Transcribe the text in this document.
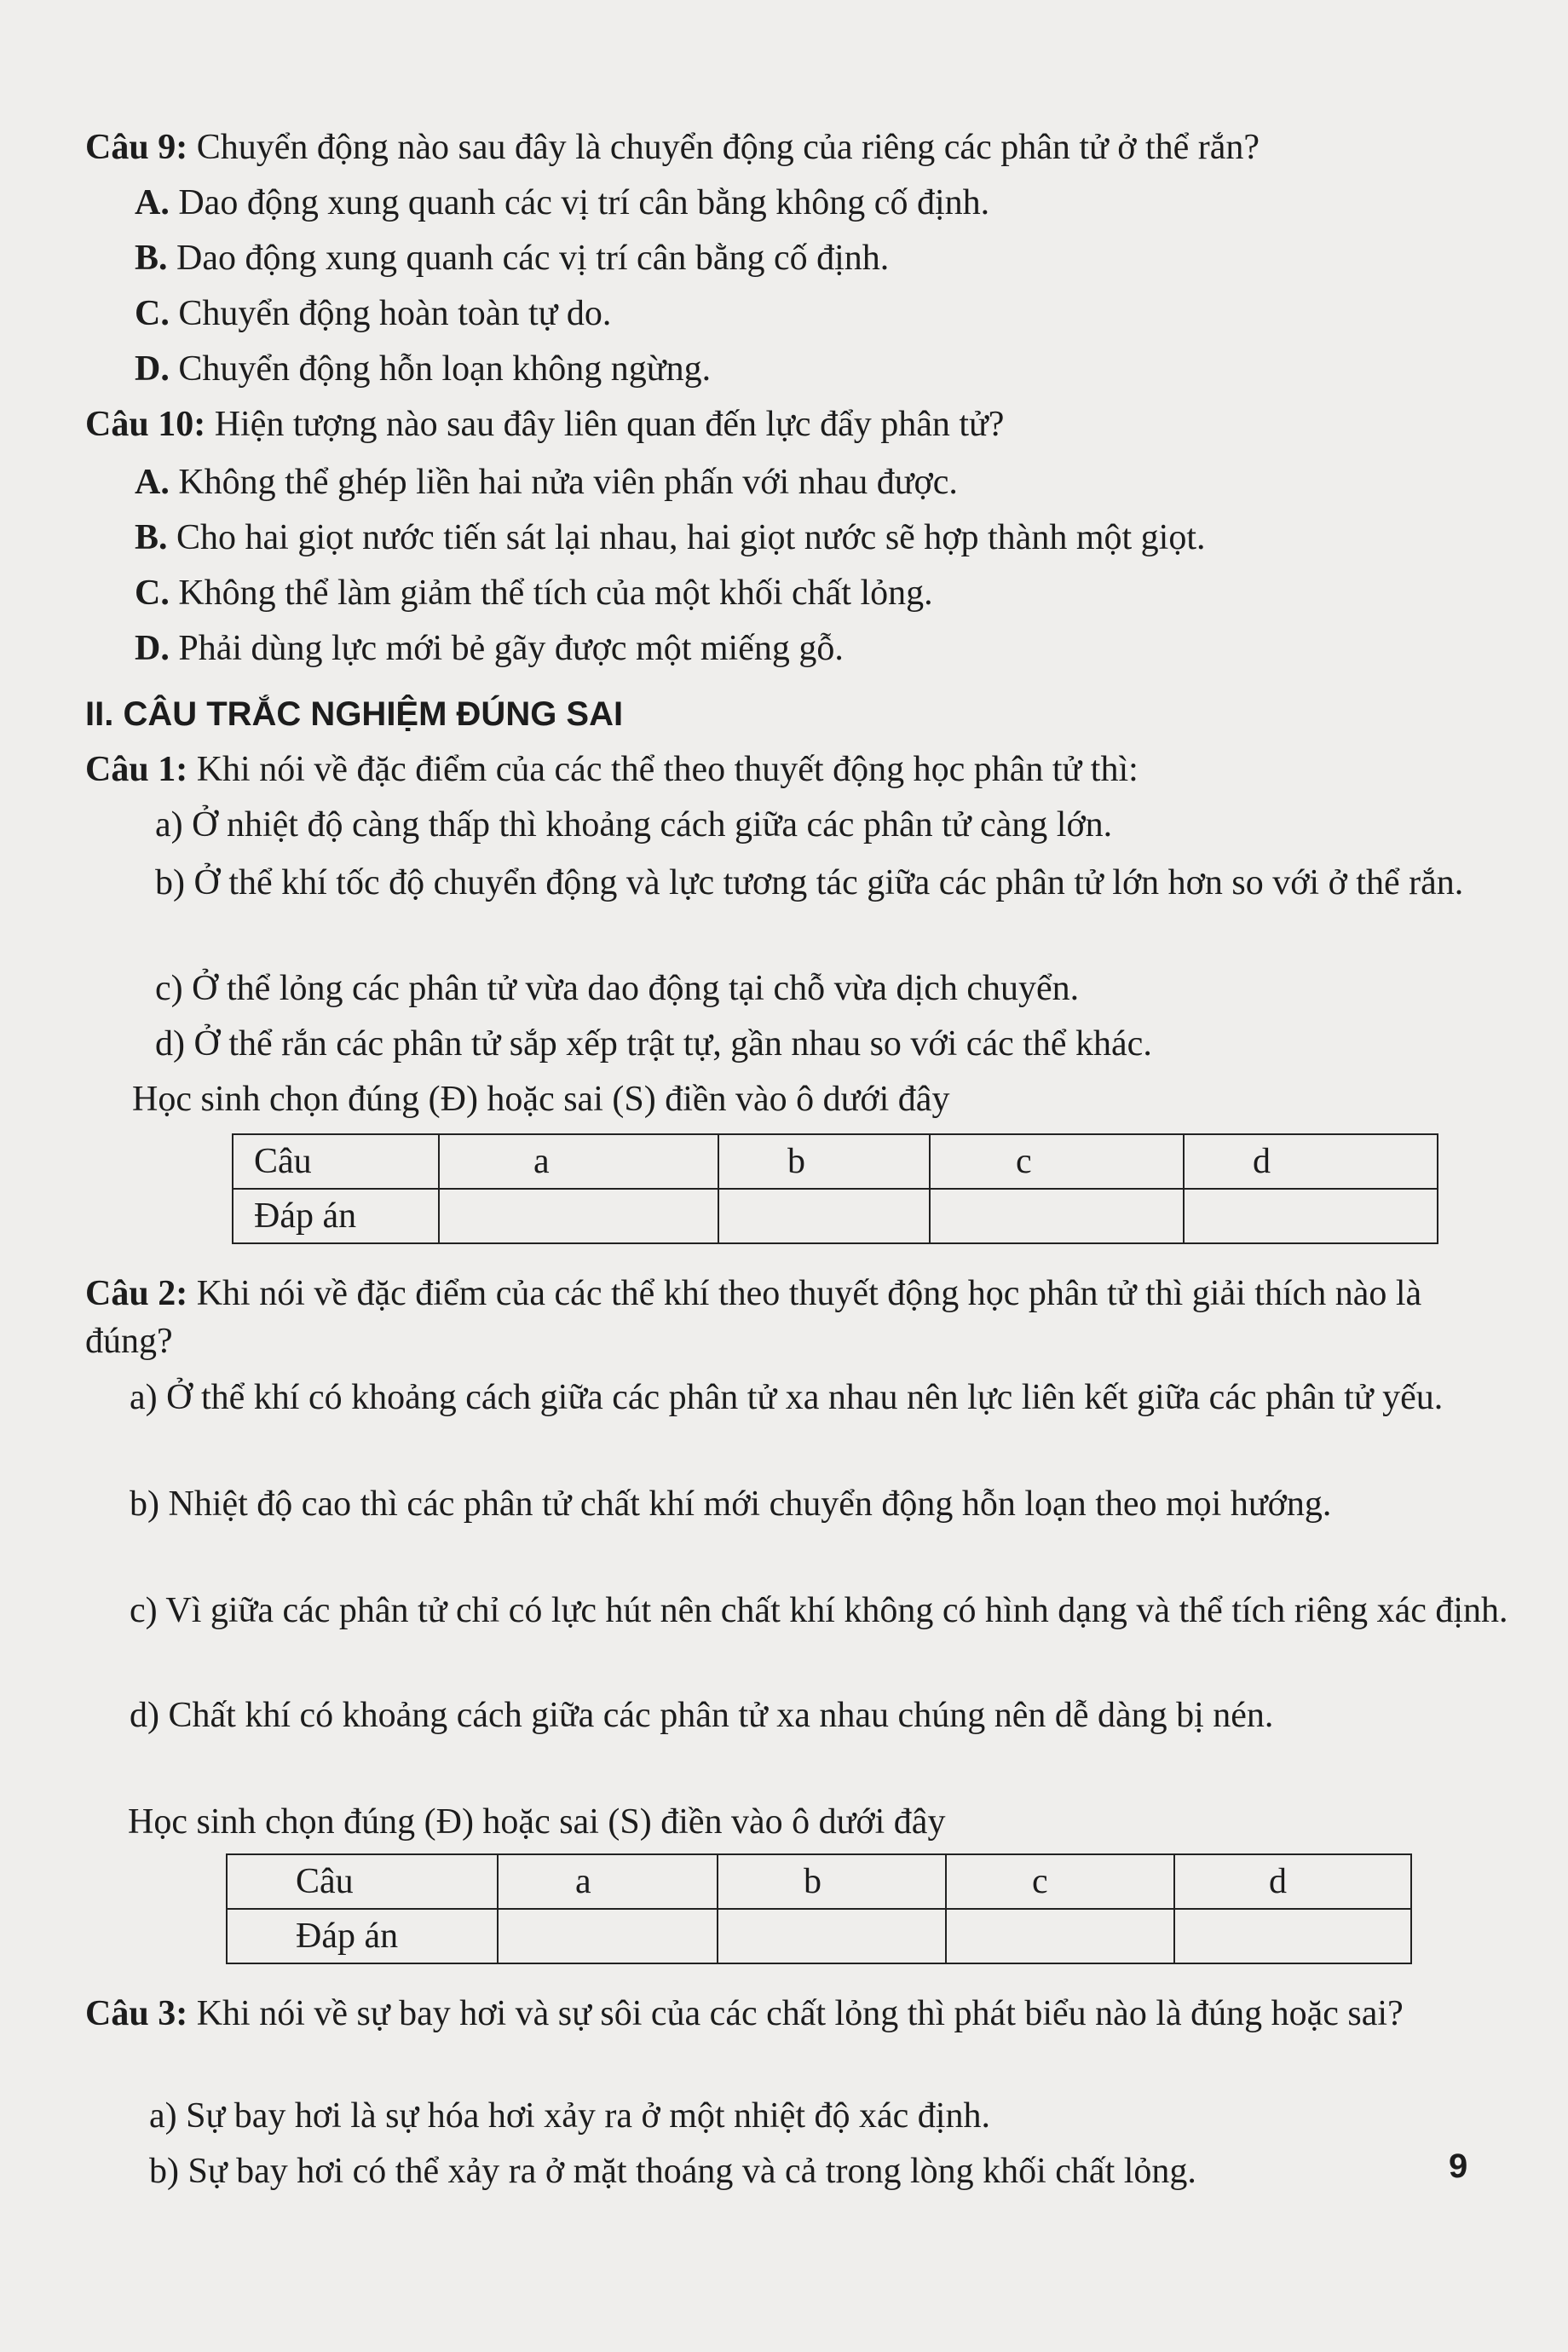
Câu 9: Chuyển động nào sau đây là chuyển động của riêng các phân tử ở thể rắn?

A. Dao động xung quanh các vị trí cân bằng không cố định.

B. Dao động xung quanh các vị trí cân bằng cố định.

C. Chuyển động hoàn toàn tự do.

D. Chuyển động hỗn loạn không ngừng.

Câu 10: Hiện tượng nào sau đây liên quan đến lực đẩy phân tử?

A. Không thể ghép liền hai nửa viên phấn với nhau được.

B. Cho hai giọt nước tiến sát lại nhau, hai giọt nước sẽ hợp thành một giọt.

C. Không thể làm giảm thể tích của một khối chất lỏng.

D. Phải dùng lực mới bẻ gãy được một miếng gỗ.

II. CÂU TRẮC NGHIỆM ĐÚNG SAI

Câu 1: Khi nói về đặc điểm của các thể theo thuyết động học phân tử thì:

a) Ở nhiệt độ càng thấp thì khoảng cách giữa các phân tử càng lớn.

b) Ở thể khí tốc độ chuyển động và lực tương tác giữa các phân tử lớn hơn so với ở thể rắn.

c) Ở thể lỏng các phân tử vừa dao động tại chỗ vừa dịch chuyển.

d) Ở thể rắn các phân tử sắp xếp trật tự, gần nhau so với các thể khác.

Học sinh chọn đúng (Đ) hoặc sai (S) điền vào ô dưới đây

Câu	a	b	c	d
Đáp án				

Câu 2: Khi nói về đặc điểm của các thể khí theo thuyết động học phân tử thì giải thích nào là đúng?

a) Ở thể khí có khoảng cách giữa các phân tử xa nhau nên lực liên kết giữa các phân tử yếu.

b) Nhiệt độ cao thì các phân tử chất khí mới chuyển động hỗn loạn theo mọi hướng.

c) Vì giữa các phân tử chỉ có lực hút nên chất khí không có hình dạng và thể tích riêng xác định.

d) Chất khí có khoảng cách giữa các phân tử xa nhau chúng nên dễ dàng bị nén.

Học sinh chọn đúng (Đ) hoặc sai (S) điền vào ô dưới đây

Câu	a	b	c	d
Đáp án				

Câu 3: Khi nói về sự bay hơi và sự sôi của các chất lỏng thì phát biểu nào là đúng hoặc sai?

a) Sự bay hơi là sự hóa hơi xảy ra ở một nhiệt độ xác định.

b) Sự bay hơi có thể xảy ra ở mặt thoáng và cả trong lòng khối chất lỏng.	9
